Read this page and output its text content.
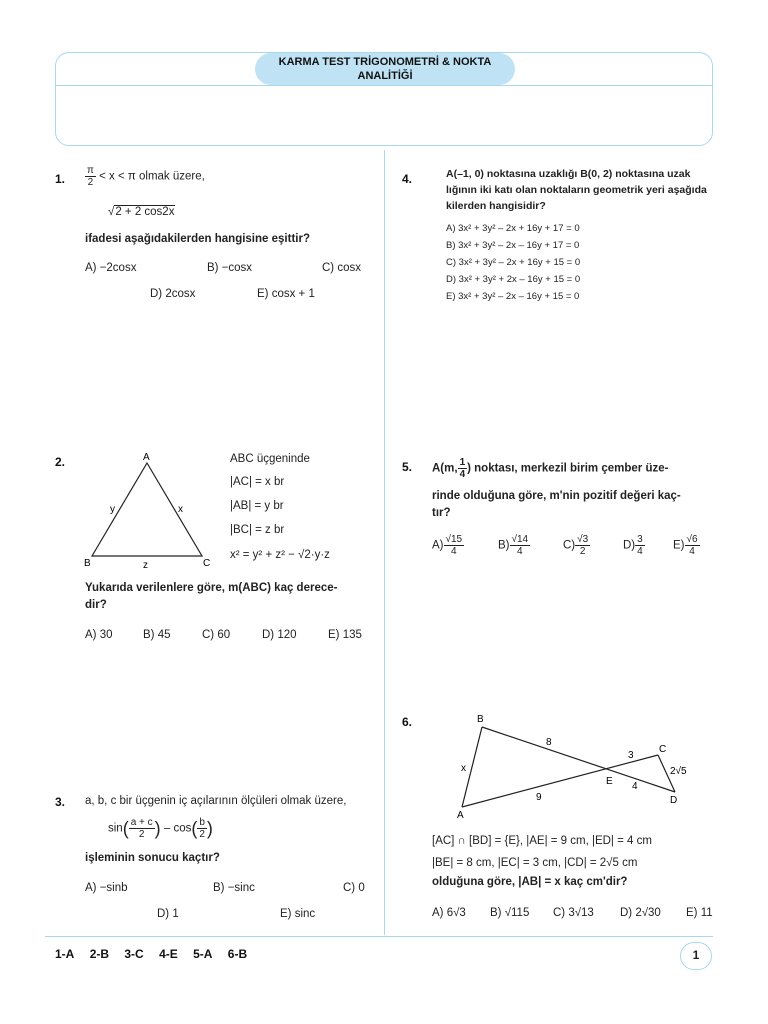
KARMA TEST TRİGONOMETRİ & NOKTA
ANALİTİĞİ
1. $\frac{\pi}{2} < x < \pi$ olmak üzere,
√2 + 2 cos2x
ifadesi aşağıdakilerden hangisine eşittir?
A) −2cosx	B) −cosx	C) cosx
D) 2cosx	E) cosx + 1
2.	A
B	C
y	x
z
ABC üçgeninde
|AC| = x br
|AB| = y br
|BC| = z br
x² = y² + z² − √2·y·z
Yukarıda verilenlere göre, m(ABC) kaç derece-
dir?
A) 30	B) 45	C) 60	D) 120	E) 135
3. a, b, c bir üçgenin iç açılarının ölçüleri olmak üzere,
$\sin( \frac{a + c}{2}$ ) – $\cos( \frac{b}{2}$ )
işleminin sonucu kaçtır?
A) −sinb	B) −sinc	C) 0
D) 1	E) sinc
4.	A(–1, 0) noktasına uzaklığı B(0, 2) noktasına uzak
lığının iki katı olan noktaların geometrik yeri aşağıda
kilerden hangisidir?
A) 3x² + 3y² – 2x + 16y + 17 = 0
B) 3x² + 3y² – 2x – 16y + 17 = 0
C) 3x² + 3y² – 2x + 16y + 15 = 0
D) 3x² + 3y² + 2x – 16y + 15 = 0
E) 3x² + 3y² – 2x – 16y + 15 = 0
5. A(m, $\frac{1}{4}$ ) noktası, merkezil birim çember üze-
rinde olduğuna göre, m'nin pozitif değeri kaç-
tır?
$A) \frac{√15}{4}$	$B) \frac{√14}{4}$	$C) \frac{√3}{2}$	$D) \frac{3}{4} E) \frac{√6}{4}$
6.	B
A
C
D
E
x
8
3
2√5
4
9
[AC] ∩ [BD] = {E}, |AE| = 9 cm, |ED| = 4 cm
|BE| = 8 cm, |EC| = 3 cm, |CD| = 2√5 cm
olduğuna göre, |AB| = x kaç cm'dir?
A) 6√3 B) √115 C) 3√13 D) 2√30 E) 11
1-A 2-B 3-C 4-E 5-A 6-B	1
